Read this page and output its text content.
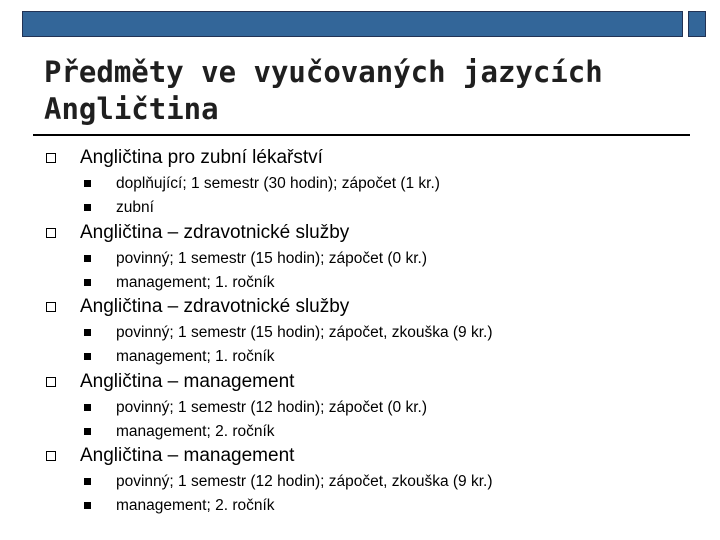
Předměty ve vyučovaných jazycích
Angličtina
Angličtina pro zubní lékařství
doplňující; 1 semestr (30 hodin); zápočet (1 kr.)
zubní
Angličtina – zdravotnické služby
povinný; 1 semestr (15 hodin); zápočet (0 kr.)
management; 1. ročník
Angličtina – zdravotnické služby
povinný; 1 semestr (15 hodin); zápočet, zkouška (9 kr.)
management; 1. ročník
Angličtina – management
povinný; 1 semestr (12 hodin); zápočet (0 kr.)
management; 2. ročník
Angličtina – management
povinný; 1 semestr (12 hodin); zápočet, zkouška (9 kr.)
management; 2. ročník
